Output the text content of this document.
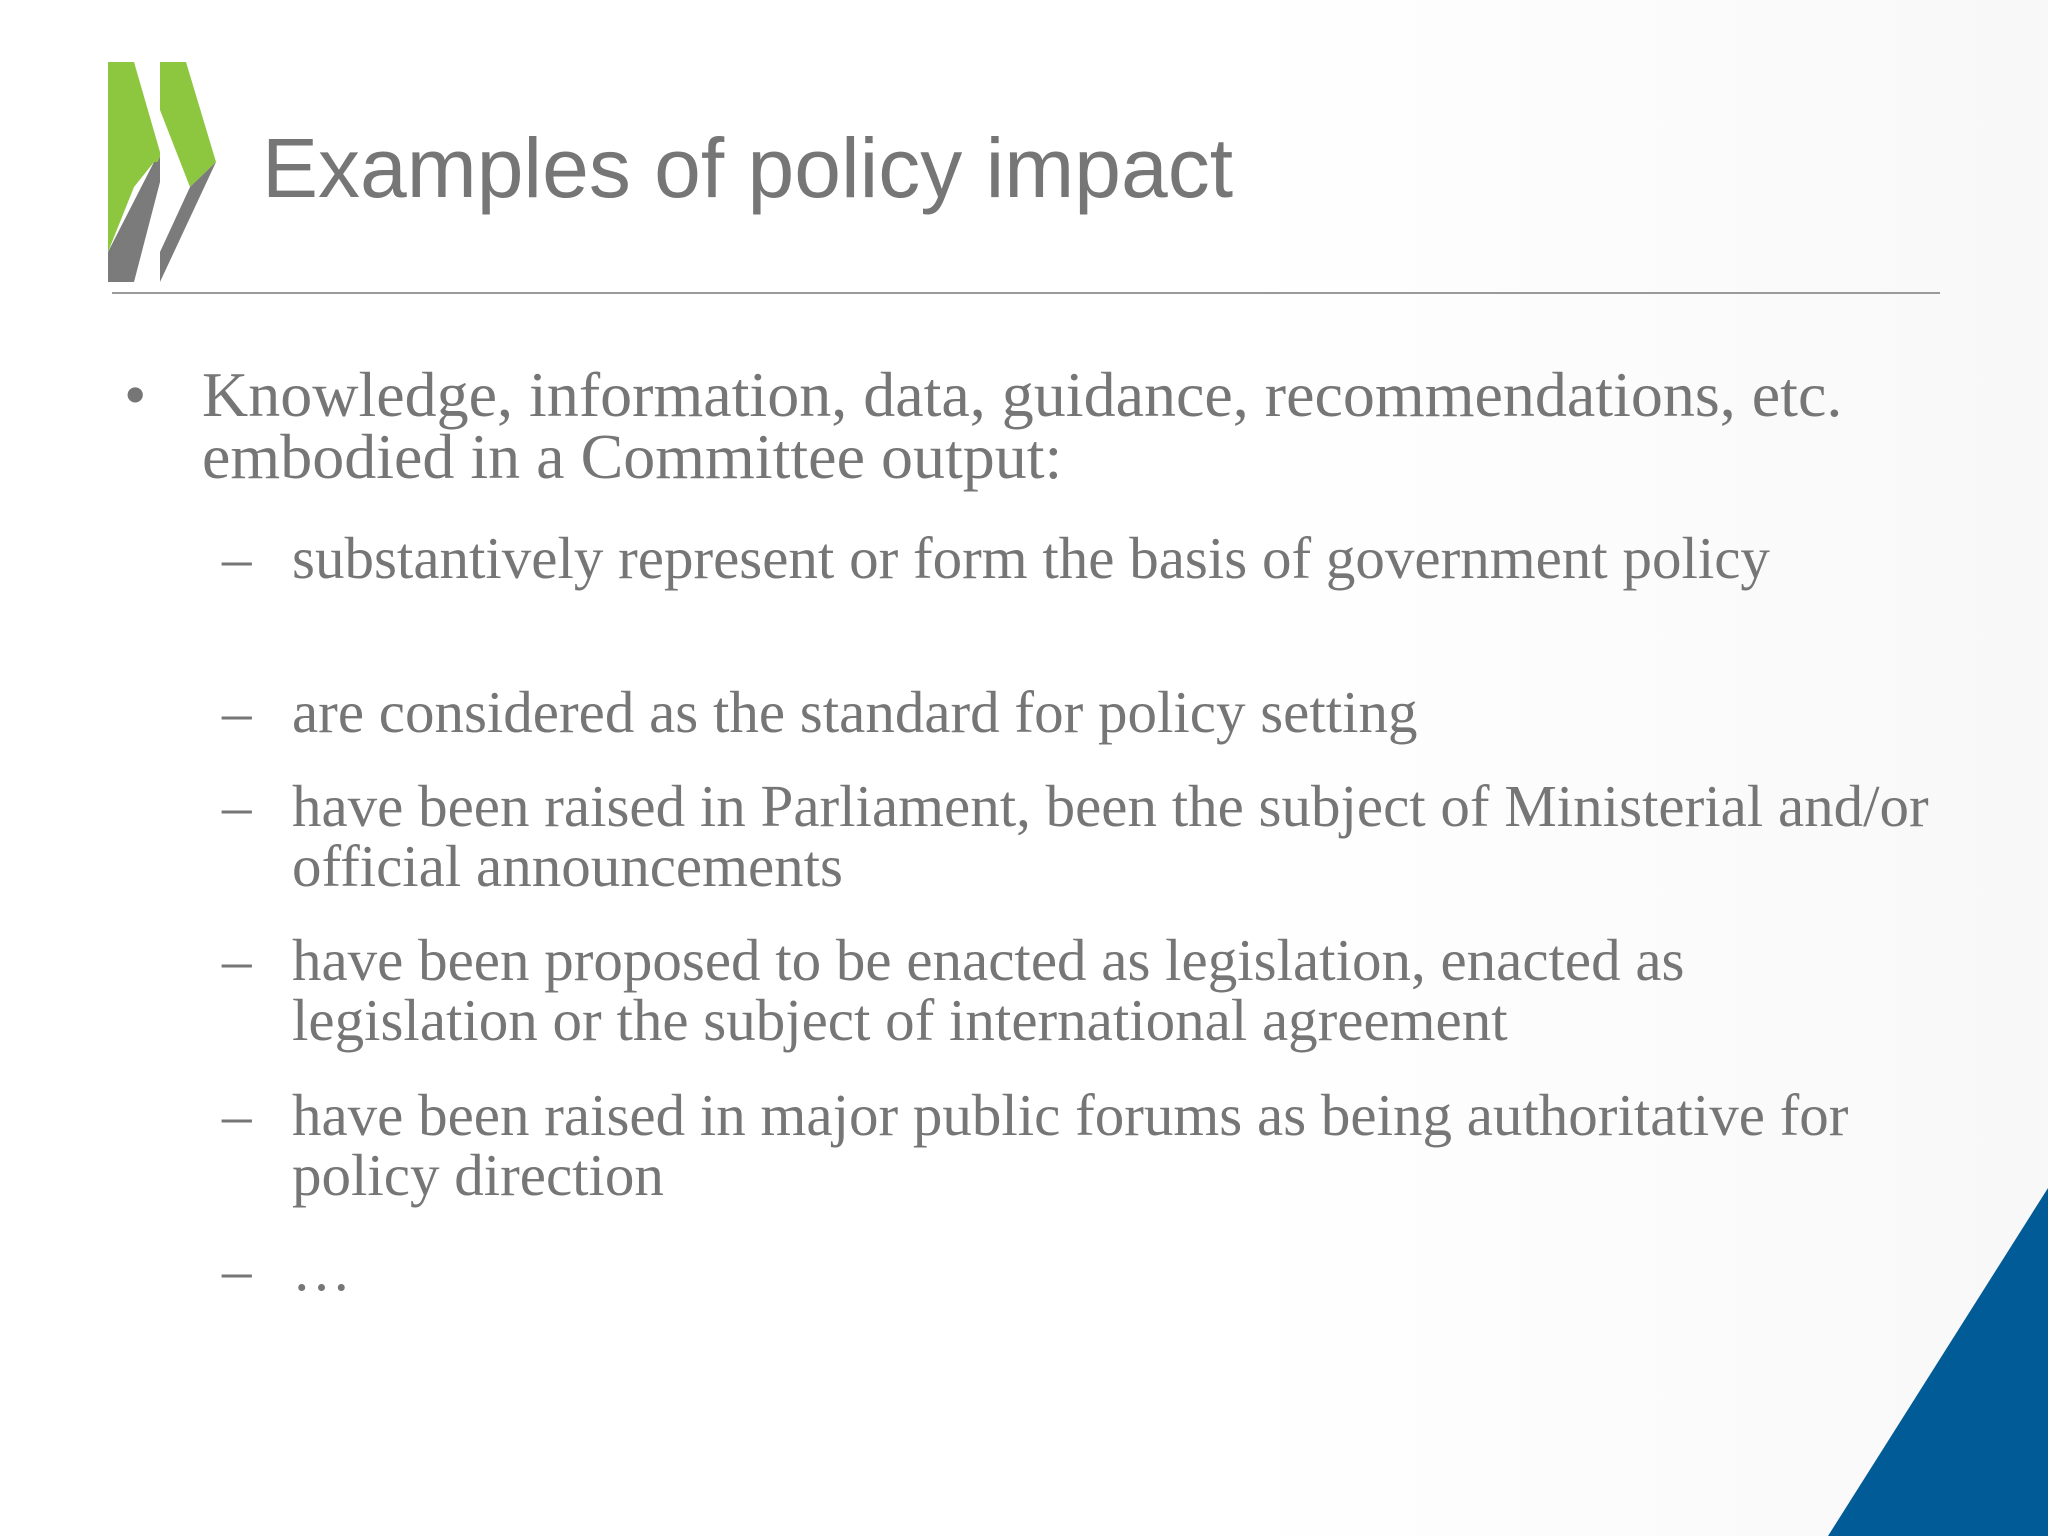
Examples of policy impact
• Knowledge, information, data, guidance, recommendations, etc. embodied in a Committee output:

– substantively represent or form the basis of government policy
– are considered as the standard for policy setting
– have been raised in Parliament, been the subject of Ministerial and/or official announcements
– have been proposed to be enacted as legislation, enacted as legislation or the subject of international agreement
– have been raised in major public forums as being authoritative for policy direction
– …
